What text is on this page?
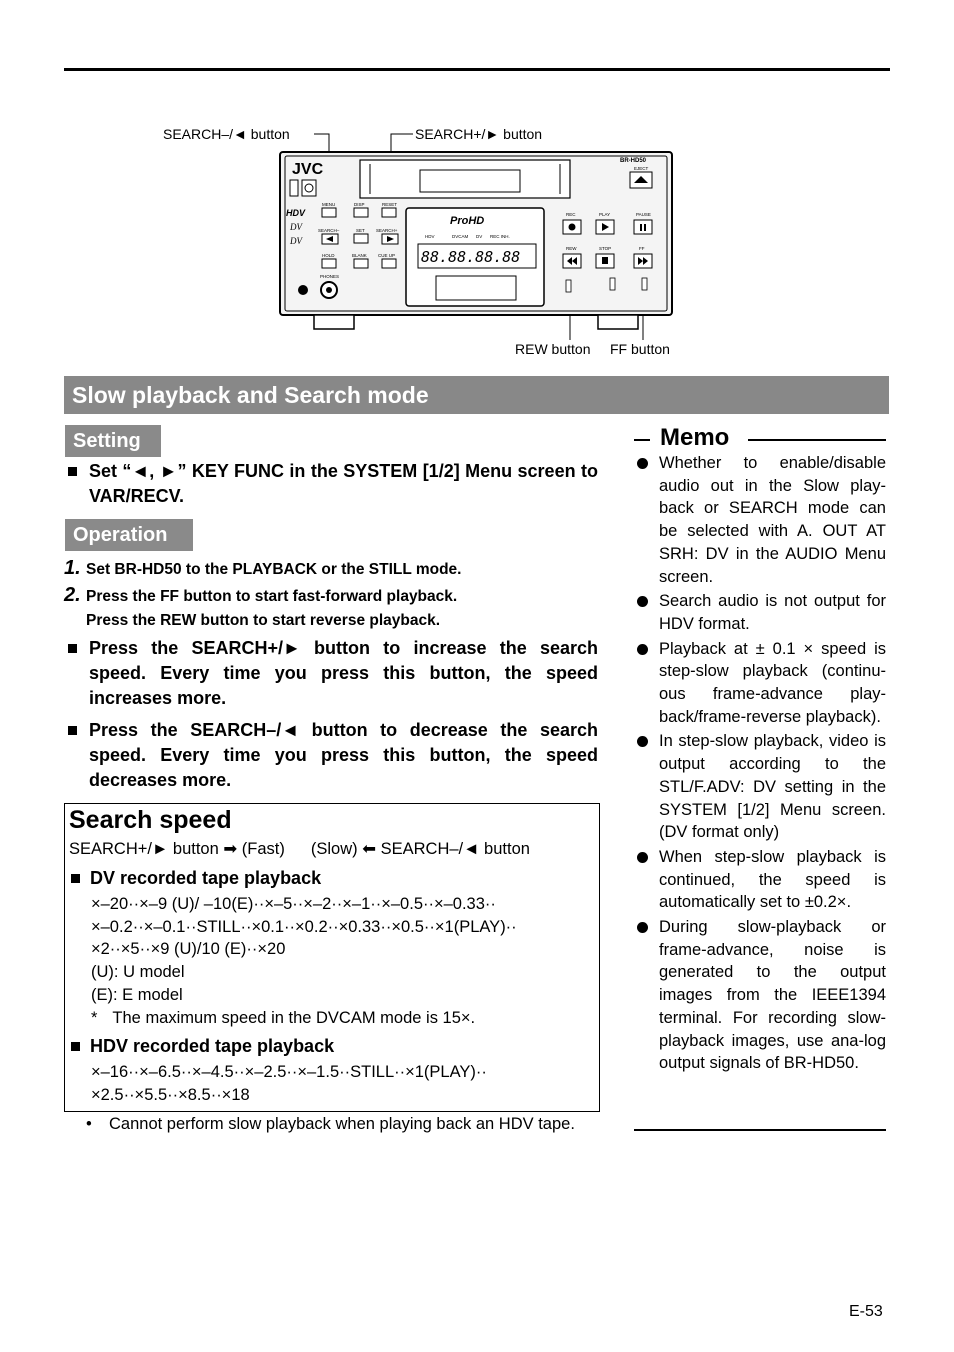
SEARCH–/◄ button	SEARCH+/► button
REW button FF button
JVC	BR-HD50
HDV
DV
DV
MENU	DISP	RESET
SEARCH–	SET SEARCH+
HOLD	BLANK CUE UP
PHONES
ProHD
HDV	DVCAM DV REC INH.
88.88.88.88
EJECT
REC	PLAY	PAUSE
REW	STOP	FF
Slow playback and Search mode
Setting
Set “◄, ►” KEY FUNC in the SYSTEM [1/2] Menu screen to VAR/RECV.
Operation
1. Set BR-HD50 to the PLAYBACK or the STILL mode.
2. Press the FF button to start fast-forward playback.
Press the REW button to start reverse playback.
Press the SEARCH+/► button to increase the search speed. Every time you press this button, the speed increases more.
Press the SEARCH–/◄ button to decrease the search speed. Every time you press this button, the speed decreases more.
Search speed
SEARCH+/► button ➡ (Fast) (Slow) ⬅ SEARCH–/◄ button
DV recorded tape playback
×–20··×–9 (U)/ –10(E)··×–5··×–2··×–1··×–0.5··×–0.33··
×–0.2··×–0.1··STILL··×0.1··×0.2··×0.33··×0.5··×1(PLAY)··
×2··×5··×9 (U)/10 (E)··×20
(U): U model
(E): E model
* The maximum speed in the DVCAM mode is 15×.
HDV recorded tape playback
×–16··×–6.5··×–4.5··×–2.5··×–1.5··STILL··×1(PLAY)··
×2.5··×5.5··×8.5··×18
•	Cannot perform slow playback when playing back an HDV tape.
Memo
Whether to enable/disable audio out in the Slow play-back or SEARCH mode can be selected with A. OUT AT SRH: DV in the AUDIO Menu screen.
Search audio is not output for HDV format.
Playback at ± 0.1 × speed is step-slow playback (continu-ous frame-advance play-back/frame-reverse playback).
In step-slow playback, video is output according to the STL/F.ADV: DV setting in the SYSTEM [1/2] Menu screen. (DV format only)
When step-slow playback is continued, the speed is automatically set to ±0.2×.
During slow-playback or frame-advance, noise is generated to the output images from the IEEE1394 terminal. For recording slow-playback images, use ana-log output signals of BR-HD50.
E-53
